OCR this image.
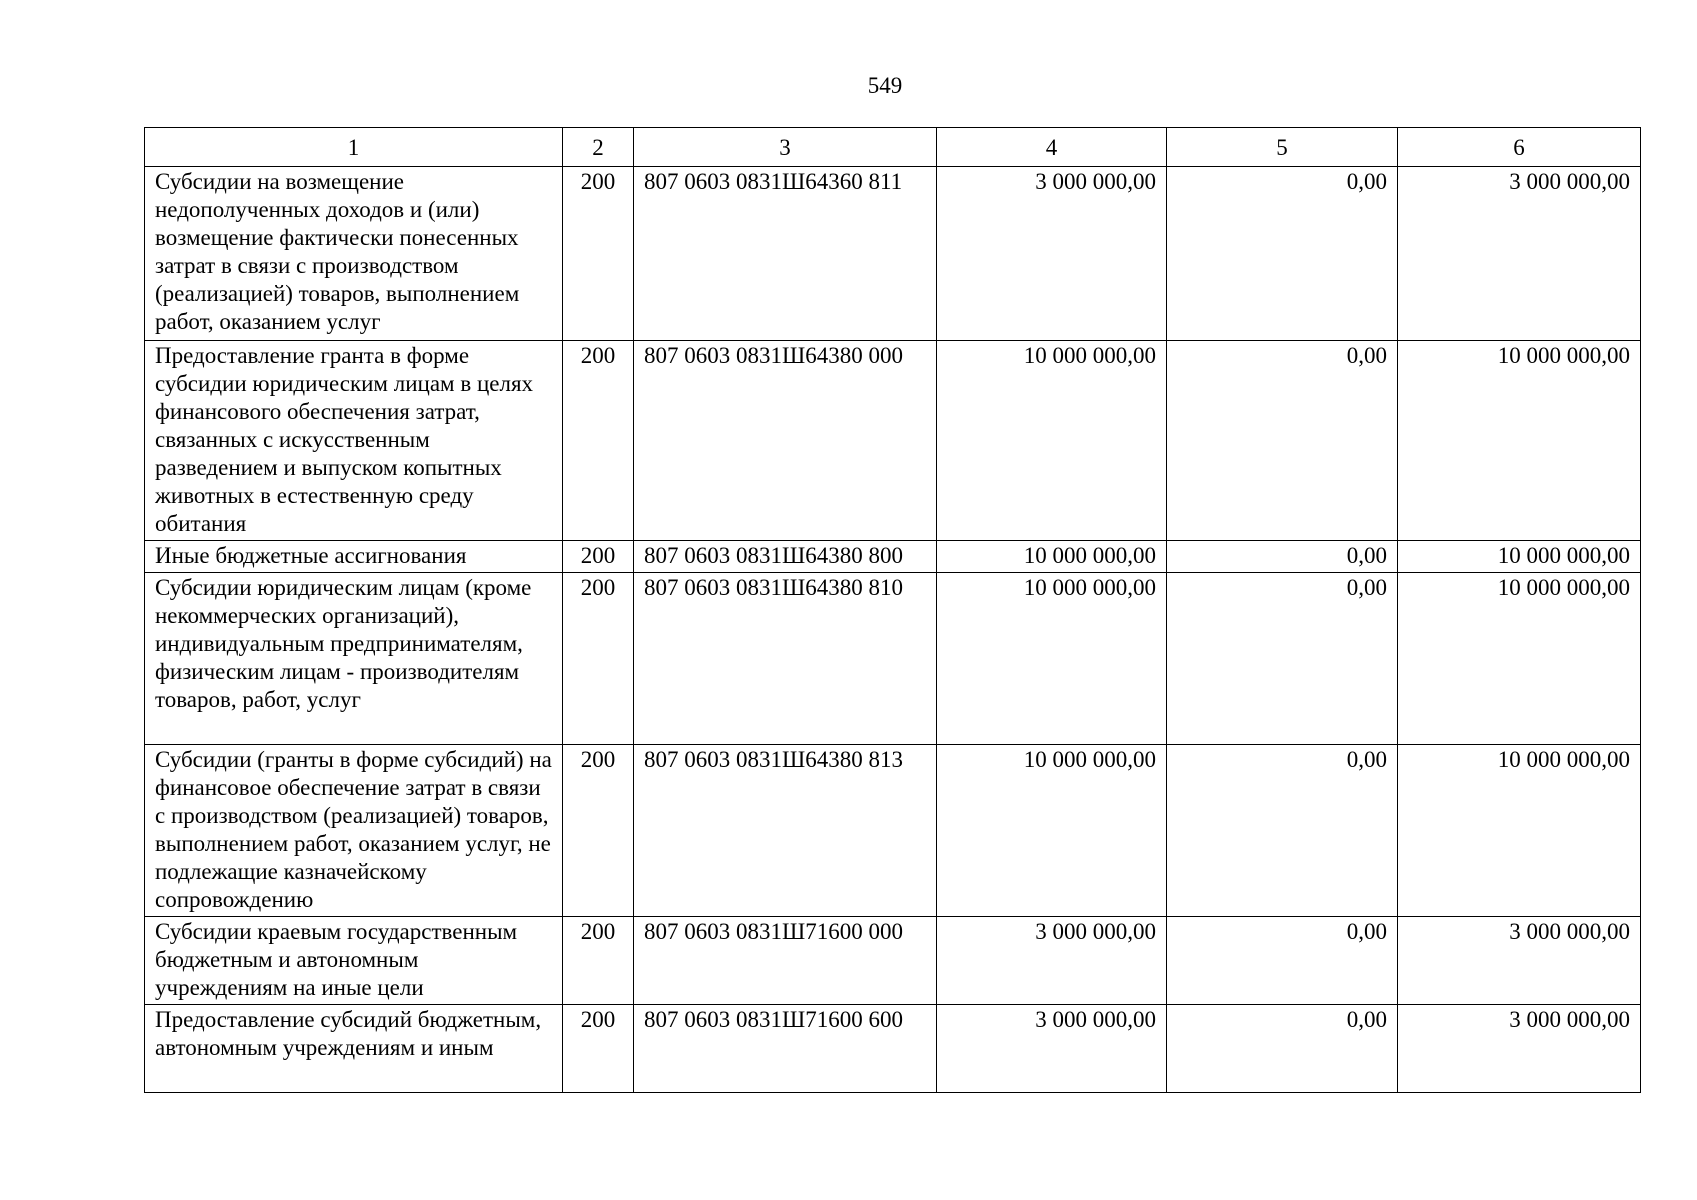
549
1	2	3	4	5	6
Субсидии на возмещение недополученных доходов и (или) возмещение фактически понесенных затрат в связи с производством (реализацией) товаров, выполнением работ, оказанием услуг	200	807 0603 0831Ш64360 811	3 000 000,00	0,00	3 000 000,00
Предоставление гранта в форме субсидии юридическим лицам в целях финансового обеспечения затрат, связанных с искусственным разведением и выпуском копытных животных в естественную среду обитания	200	807 0603 0831Ш64380 000	10 000 000,00	0,00	10 000 000,00
Иные бюджетные ассигнования	200	807 0603 0831Ш64380 800	10 000 000,00	0,00	10 000 000,00
Субсидии юридическим лицам (кроме некоммерческих организаций), индивидуальным предпринимателям, физическим лицам - производителям товаров, работ, услуг	200	807 0603 0831Ш64380 810	10 000 000,00	0,00	10 000 000,00
Субсидии (гранты в форме субсидий) на финансовое обеспечение затрат в связи с производством (реализацией) товаров, выполнением работ, оказанием услуг, не подлежащие казначейскому сопровождению	200	807 0603 0831Ш64380 813	10 000 000,00	0,00	10 000 000,00
Субсидии краевым государственным бюджетным и автономным учреждениям на иные цели	200	807 0603 0831Ш71600 000	3 000 000,00	0,00	3 000 000,00
Предоставление субсидий бюджетным, автономным учреждениям и иным	200	807 0603 0831Ш71600 600	3 000 000,00	0,00	3 000 000,00
